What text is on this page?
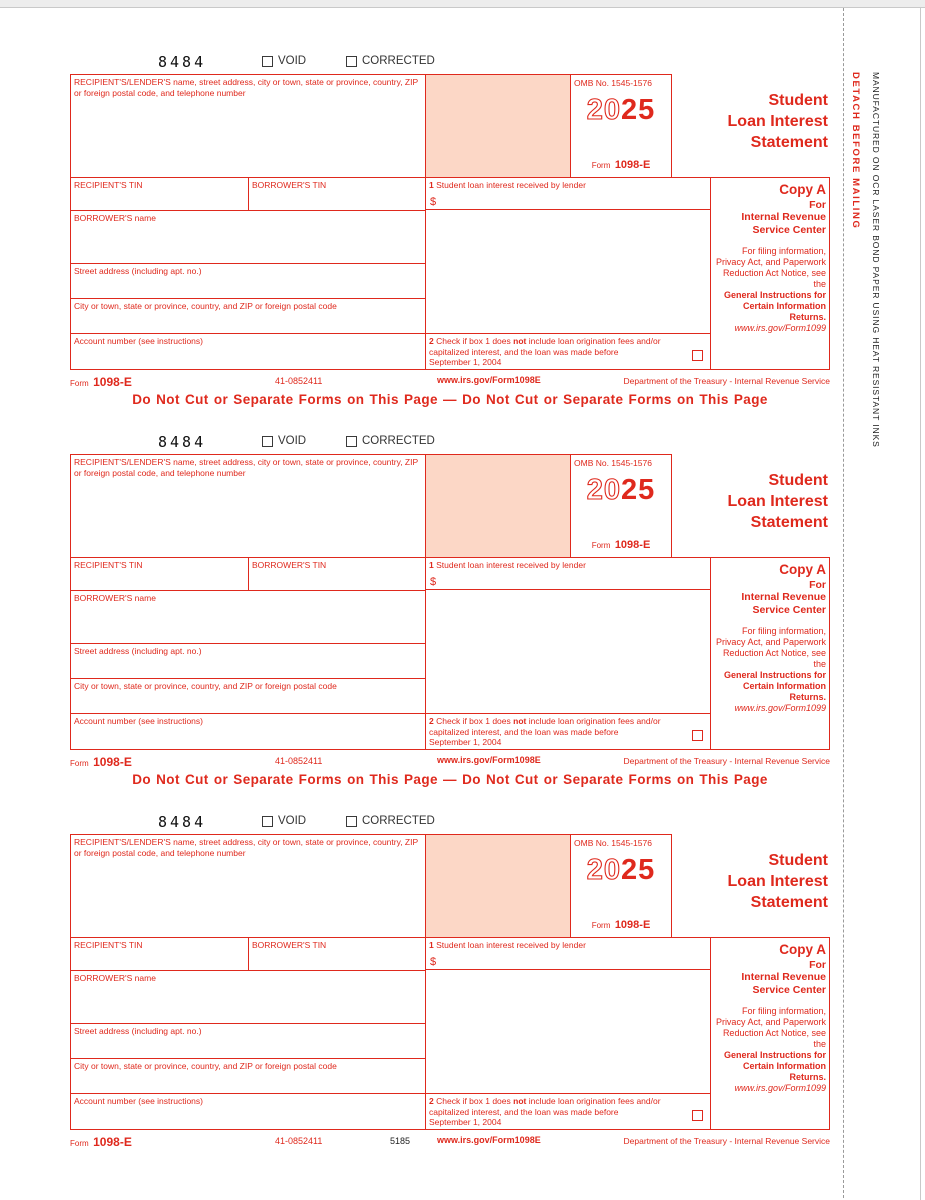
8484	VOID	CORRECTED
RECIPIENT'S/LENDER'S name, street address, city or town, state or province, country, ZIP or foreign postal code, and telephone number
OMB No. 1545-1576
2025
Form 1098-E
Student
Loan Interest
Statement
RECIPIENT'S TIN	BORROWER'S TIN	1 Student loan interest received by lender
$
BORROWER'S name
Street address (including apt. no.)
City or town, state or province, country, and ZIP or foreign postal code
Account number (see instructions)	2 Check if box 1 does not include loan origination fees and/or capitalized interest, and the loan was made before September 1, 2004
Copy A
For
Internal Revenue Service Center
For filing information, Privacy Act, and Paperwork Reduction Act Notice, see the
General Instructions for Certain Information Returns.
www.irs.gov/Form1099
Form 1098-E	41-0852411	www.irs.gov/Form1098E	Department of the Treasury - Internal Revenue Service
Do Not Cut or Separate Forms on This Page — Do Not Cut or Separate Forms on This Page
8484	VOID	CORRECTED
RECIPIENT'S/LENDER'S name, street address, city or town, state or province, country, ZIP or foreign postal code, and telephone number
OMB No. 1545-1576
2025
Form 1098-E
Student
Loan Interest
Statement
RECIPIENT'S TIN	BORROWER'S TIN	1 Student loan interest received by lender
$
BORROWER'S name
Street address (including apt. no.)
City or town, state or province, country, and ZIP or foreign postal code
Account number (see instructions)	2 Check if box 1 does not include loan origination fees and/or capitalized interest, and the loan was made before September 1, 2004
Copy A
For
Internal Revenue Service Center
For filing information, Privacy Act, and Paperwork Reduction Act Notice, see the
General Instructions for Certain Information Returns.
www.irs.gov/Form1099
Form 1098-E	41-0852411	www.irs.gov/Form1098E	Department of the Treasury - Internal Revenue Service
Do Not Cut or Separate Forms on This Page — Do Not Cut or Separate Forms on This Page
8484	VOID	CORRECTED
RECIPIENT'S/LENDER'S name, street address, city or town, state or province, country, ZIP or foreign postal code, and telephone number
OMB No. 1545-1576
2025
Form 1098-E
Student
Loan Interest
Statement
RECIPIENT'S TIN	BORROWER'S TIN	1 Student loan interest received by lender
$
BORROWER'S name
Street address (including apt. no.)
City or town, state or province, country, and ZIP or foreign postal code
Account number (see instructions)	2 Check if box 1 does not include loan origination fees and/or capitalized interest, and the loan was made before September 1, 2004
Copy A
For
Internal Revenue Service Center
For filing information, Privacy Act, and Paperwork Reduction Act Notice, see the
General Instructions for Certain Information Returns.
www.irs.gov/Form1099
Form 1098-E	41-0852411	5185	www.irs.gov/Form1098E	Department of the Treasury - Internal Revenue Service
DETACH BEFORE MAILING MANUFACTURED ON OCR LASER BOND PAPER USING HEAT RESISTANT INKS
